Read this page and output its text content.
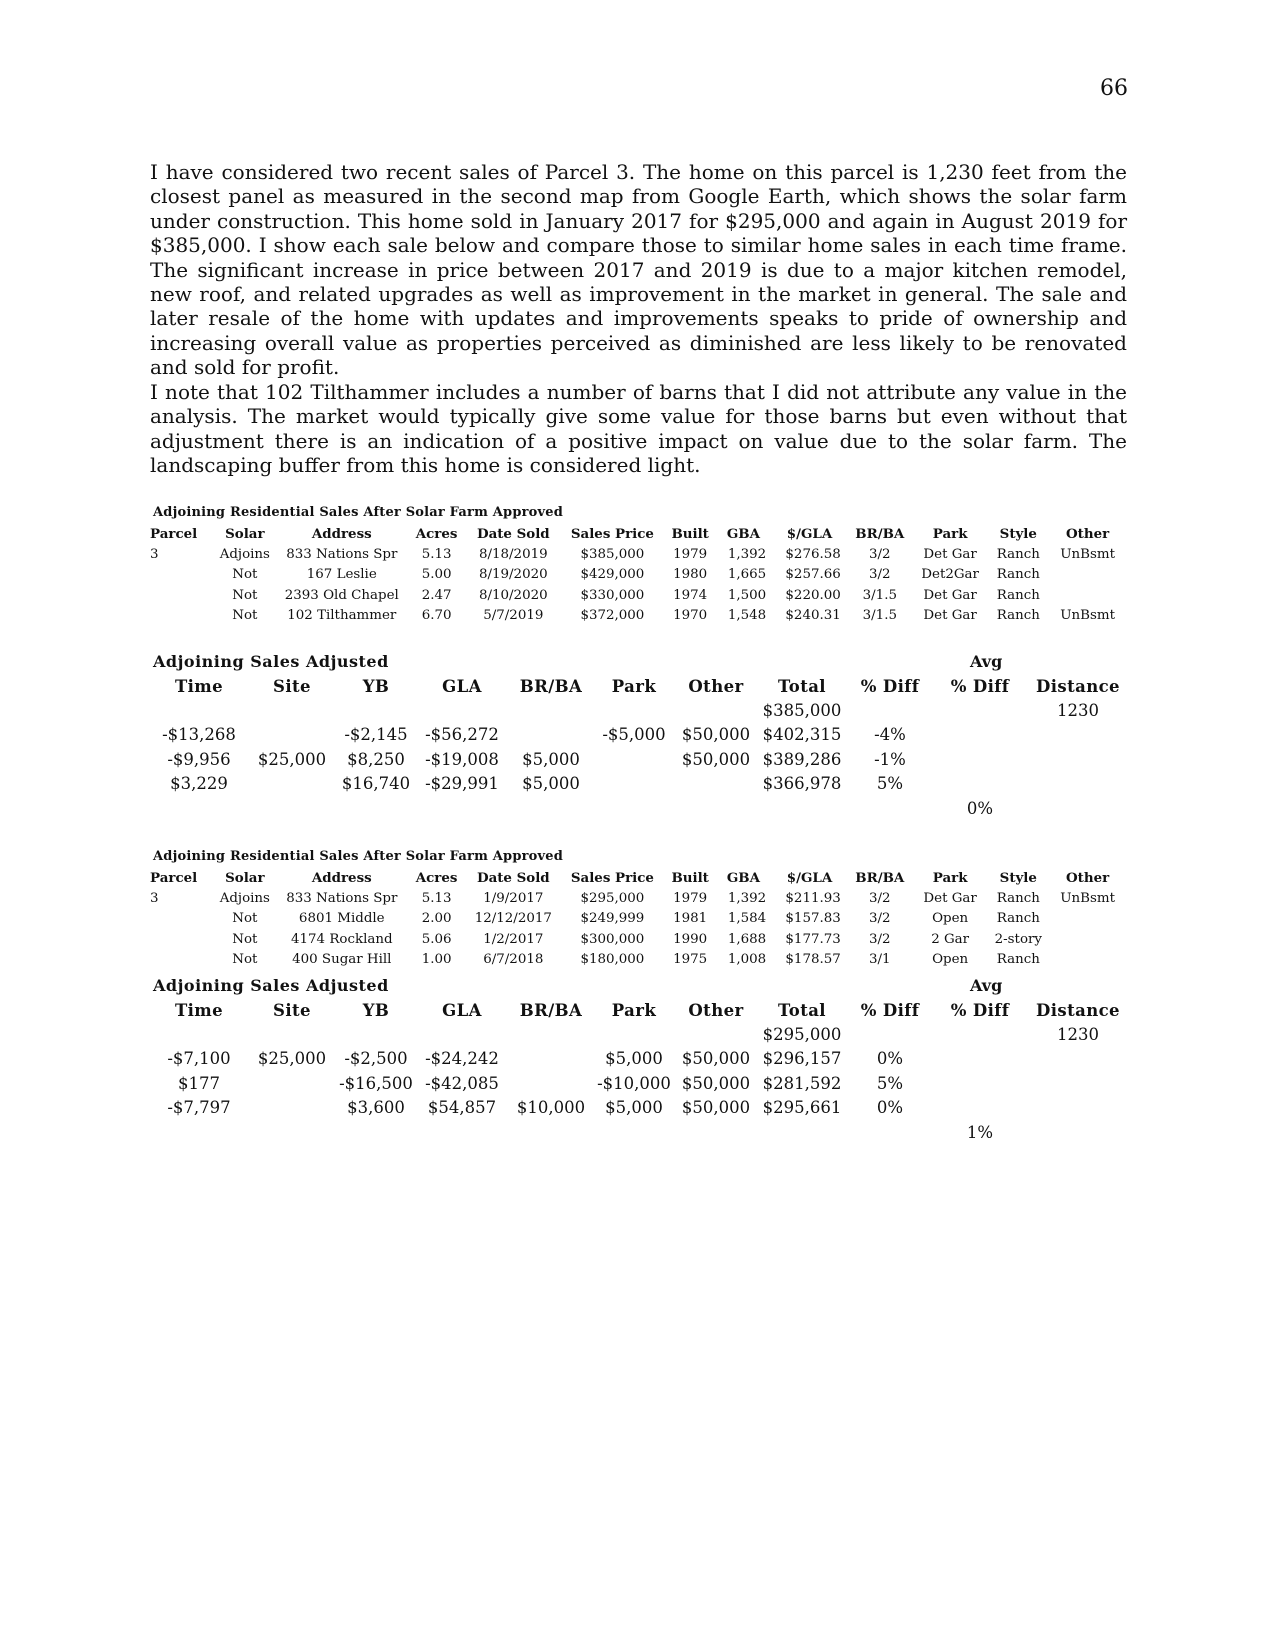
66

I have considered two recent sales of Parcel 3. The home on this parcel is 1,230 feet from the closest panel as measured in the second map from Google Earth, which shows the solar farm under construction. This home sold in January 2017 for $295,000 and again in August 2019 for $385,000. I show each sale below and compare those to similar home sales in each time frame. The significant increase in price between 2017 and 2019 is due to a major kitchen remodel, new roof, and related upgrades as well as improvement in the market in general. The sale and later resale of the home with updates and improvements speaks to pride of ownership and increasing overall value as properties perceived as diminished are less likely to be renovated and sold for profit.

I note that 102 Tilthammer includes a number of barns that I did not attribute any value in the analysis. The market would typically give some value for those barns but even without that adjustment there is an indication of a positive impact on value due to the solar farm. The landscaping buffer from this home is considered light.

Adjoining Residential Sales After Solar Farm Approved
Parcel	Solar	Address	Acres	Date Sold	Sales Price	Built	GBA	$/GLA	BR/BA	Park	Style	Other
3	Adjoins	833 Nations Spr	5.13	8/18/2019	$385,000	1979	1,392	$276.58	3/2	Det Gar	Ranch	UnBsmt
	Not	167 Leslie	5.00	8/19/2020	$429,000	1980	1,665	$257.66	3/2	Det2Gar	Ranch	
	Not	2393 Old Chapel	2.47	8/10/2020	$330,000	1974	1,500	$220.00	3/1.5	Det Gar	Ranch	
	Not	102 Tilthammer	6.70	5/7/2019	$372,000	1970	1,548	$240.31	3/1.5	Det Gar	Ranch	UnBsmt
Adjoining Sales Adjusted	Avg
Time	Site	YB	GLA	BR/BA	Park	Other	Total	% Diff	% Diff	Distance
							$385,000			1230
-$13,268		-$2,145	-$56,272		-$5,000	$50,000	$402,315	-4%		
-$9,956	$25,000	$8,250	-$19,008	$5,000		$50,000	$389,286	-1%		
$3,229		$16,740	-$29,991	$5,000			$366,978	5%		
									0%	
Adjoining Residential Sales After Solar Farm Approved
Parcel	Solar	Address	Acres	Date Sold	Sales Price	Built	GBA	$/GLA	BR/BA	Park	Style	Other
3	Adjoins	833 Nations Spr	5.13	1/9/2017	$295,000	1979	1,392	$211.93	3/2	Det Gar	Ranch	UnBsmt
	Not	6801 Middle	2.00	12/12/2017	$249,999	1981	1,584	$157.83	3/2	Open	Ranch	
	Not	4174 Rockland	5.06	1/2/2017	$300,000	1990	1,688	$177.73	3/2	2 Gar	2-story	
	Not	400 Sugar Hill	1.00	6/7/2018	$180,000	1975	1,008	$178.57	3/1	Open	Ranch	
Adjoining Sales Adjusted	Avg
Time	Site	YB	GLA	BR/BA	Park	Other	Total	% Diff	% Diff	Distance
							$295,000			1230
-$7,100	$25,000	-$2,500	-$24,242		$5,000	$50,000	$296,157	0%		
$177		-$16,500	-$42,085		-$10,000	$50,000	$281,592	5%		
-$7,797		$3,600	$54,857	$10,000	$5,000	$50,000	$295,661	0%		
									1%	
